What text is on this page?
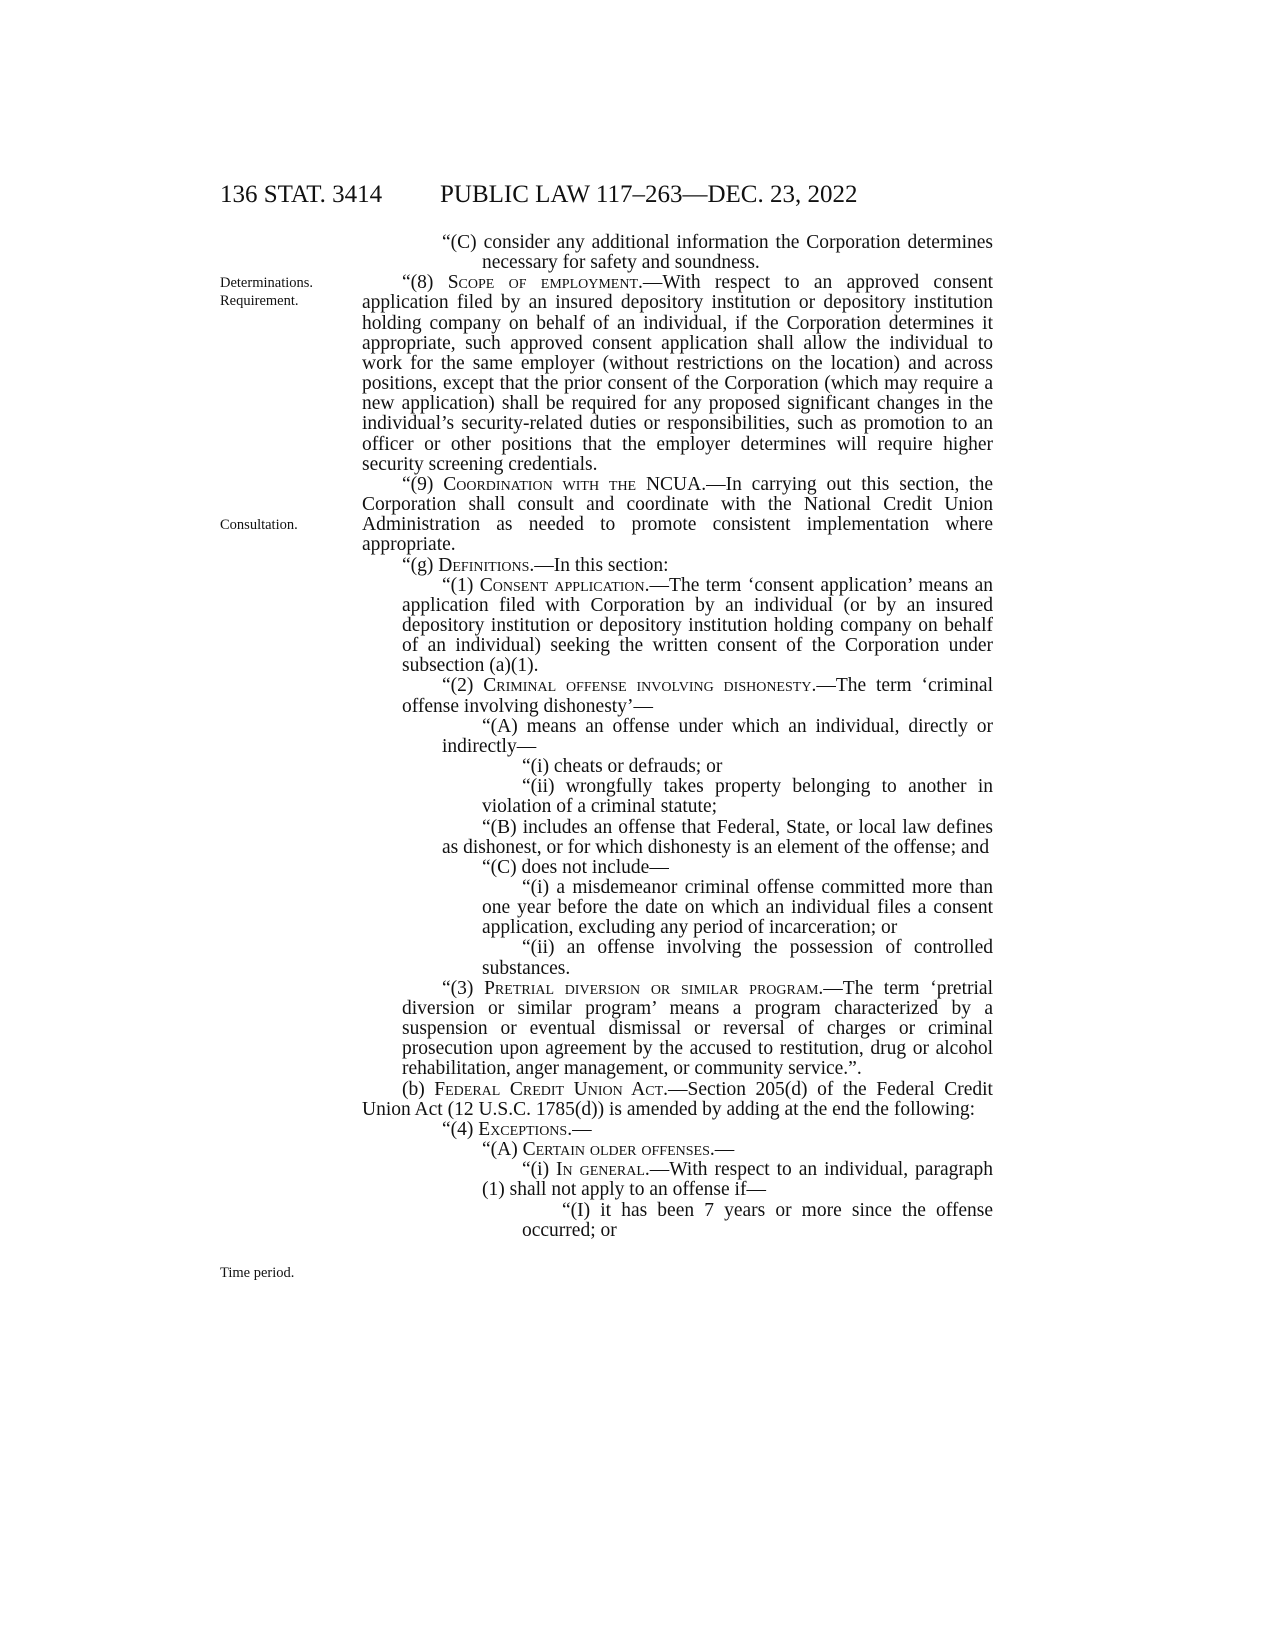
136 STAT. 3414 PUBLIC LAW 117–263—DEC. 23, 2022
Determinations.
Requirement.
Consultation.
Time period.
“(C) consider any additional information the Corporation determines necessary for safety and soundness.
“(8) Scope of employment.—With respect to an approved consent application filed by an insured depository institution or depository institution holding company on behalf of an individual, if the Corporation determines it appropriate, such approved consent application shall allow the individual to work for the same employer (without restrictions on the location) and across positions, except that the prior consent of the Corporation (which may require a new application) shall be required for any proposed significant changes in the individual’s security-related duties or responsibilities, such as promotion to an officer or other positions that the employer determines will require higher security screening credentials.
“(9) Coordination with the NCUA.—In carrying out this section, the Corporation shall consult and coordinate with the National Credit Union Administration as needed to promote consistent implementation where appropriate.
“(g) Definitions.—In this section:
“(1) Consent application.—The term ‘consent application’ means an application filed with Corporation by an individual (or by an insured depository institution or depository institution holding company on behalf of an individual) seeking the written consent of the Corporation under subsection (a)(1).
“(2) Criminal offense involving dishonesty.—The term ‘criminal offense involving dishonesty’—
“(A) means an offense under which an individual, directly or indirectly—
“(i) cheats or defrauds; or
“(ii) wrongfully takes property belonging to another in violation of a criminal statute;
“(B) includes an offense that Federal, State, or local law defines as dishonest, or for which dishonesty is an element of the offense; and
“(C) does not include—
“(i) a misdemeanor criminal offense committed more than one year before the date on which an individual files a consent application, excluding any period of incarceration; or
“(ii) an offense involving the possession of controlled substances.
“(3) Pretrial diversion or similar program.—The term ‘pretrial diversion or similar program’ means a program characterized by a suspension or eventual dismissal or reversal of charges or criminal prosecution upon agreement by the accused to restitution, drug or alcohol rehabilitation, anger management, or community service.”.
(b) Federal Credit Union Act.—Section 205(d) of the Federal Credit Union Act (12 U.S.C. 1785(d)) is amended by adding at the end the following:
“(4) Exceptions.—
“(A) Certain older offenses.—
“(i) In general.—With respect to an individual, paragraph (1) shall not apply to an offense if—
“(I) it has been 7 years or more since the offense occurred; or
